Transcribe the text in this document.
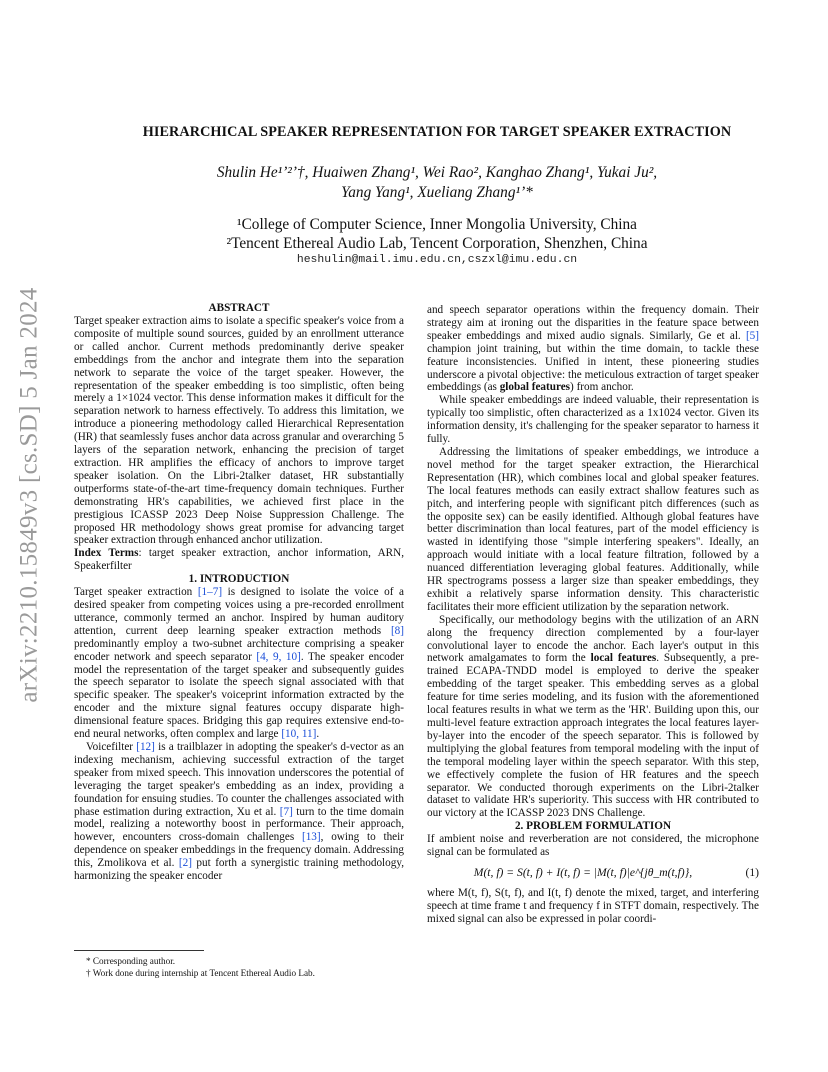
arXiv:2210.15849v3 [cs.SD] 5 Jan 2024
HIERARCHICAL SPEAKER REPRESENTATION FOR TARGET SPEAKER EXTRACTION
Shulin He¹ʼ²ʼ†, Huaiwen Zhang¹, Wei Rao², Kanghao Zhang¹, Yukai Ju²,
Yang Yang¹, Xueliang Zhang¹ʼ*
¹College of Computer Science, Inner Mongolia University, China
²Tencent Ethereal Audio Lab, Tencent Corporation, Shenzhen, China
heshulin@mail.imu.edu.cn,cszxl@imu.edu.cn
ABSTRACT

Target speaker extraction aims to isolate a specific speaker's voice from a composite of multiple sound sources, guided by an enrollment utterance or called anchor. Current methods predominantly derive speaker embeddings from the anchor and integrate them into the separation network to separate the voice of the target speaker. However, the representation of the speaker embedding is too simplistic, often being merely a 1×1024 vector. This dense information makes it difficult for the separation network to harness effectively. To address this limitation, we introduce a pioneering methodology called Hierarchical Representation (HR) that seamlessly fuses anchor data across granular and overarching 5 layers of the separation network, enhancing the precision of target extraction. HR amplifies the efficacy of anchors to improve target speaker isolation. On the Libri-2talker dataset, HR substantially outperforms state-of-the-art time-frequency domain techniques. Further demonstrating HR's capabilities, we achieved first place in the prestigious ICASSP 2023 Deep Noise Suppression Challenge. The proposed HR methodology shows great promise for advancing target speaker extraction through enhanced anchor utilization.

Index Terms: target speaker extraction, anchor information, ARN, Speakerfilter

1. INTRODUCTION

Target speaker extraction [1–7] is designed to isolate the voice of a desired speaker from competing voices using a pre-recorded enrollment utterance, commonly termed an anchor. Inspired by human auditory attention, current deep learning speaker extraction methods [8] predominantly employ a two-subnet architecture comprising a speaker encoder network and speech separator [4, 9, 10]. The speaker encoder model the representation of the target speaker and subsequently guides the speech separator to isolate the speech signal associated with that specific speaker. The speaker's voiceprint information extracted by the encoder and the mixture signal features occupy disparate high-dimensional feature spaces. Bridging this gap requires extensive end-to-end neural networks, often complex and large [10, 11].

Voicefilter [12] is a trailblazer in adopting the speaker's d-vector as an indexing mechanism, achieving successful extraction of the target speaker from mixed speech. This innovation underscores the potential of leveraging the target speaker's embedding as an index, providing a foundation for ensuing studies. To counter the challenges associated with phase estimation during extraction, Xu et al. [7] turn to the time domain model, realizing a noteworthy boost in performance. Their approach, however, encounters cross-domain challenges [13], owing to their dependence on speaker embeddings in the frequency domain. Addressing this, Zmolikova et al. [2] put forth a synergistic training methodology, harmonizing the speaker encoder

and speech separator operations within the frequency domain. Their strategy aim at ironing out the disparities in the feature space between speaker embeddings and mixed audio signals. Similarly, Ge et al. [5] champion joint training, but within the time domain, to tackle these feature inconsistencies. Unified in intent, these pioneering studies underscore a pivotal objective: the meticulous extraction of target speaker embeddings (as global features) from anchor.

While speaker embeddings are indeed valuable, their representation is typically too simplistic, often characterized as a 1x1024 vector. Given its information density, it's challenging for the speaker separator to harness it fully.

Addressing the limitations of speaker embeddings, we introduce a novel method for the target speaker extraction, the Hierarchical Representation (HR), which combines local and global speaker features. The local features methods can easily extract shallow features such as pitch, and interfering people with significant pitch differences (such as the opposite sex) can be easily identified. Although global features have better discrimination than local features, part of the model efficiency is wasted in identifying those "simple interfering speakers". Ideally, an approach would initiate with a local feature filtration, followed by a nuanced differentiation leveraging global features. Additionally, while HR spectrograms possess a larger size than speaker embeddings, they exhibit a relatively sparse information density. This characteristic facilitates their more efficient utilization by the separation network.

Specifically, our methodology begins with the utilization of an ARN along the frequency direction complemented by a four-layer convolutional layer to encode the anchor. Each layer's output in this network amalgamates to form the local features. Subsequently, a pre-trained ECAPA-TNDD model is employed to derive the speaker embedding of the target speaker. This embedding serves as a global feature for time series modeling, and its fusion with the aforementioned local features results in what we term as the 'HR'. Building upon this, our multi-level feature extraction approach integrates the local features layer-by-layer into the encoder of the speech separator. This is followed by multiplying the global features from temporal modeling with the input of the temporal modeling layer within the speech separator. With this step, we effectively complete the fusion of HR features and the speech separator. We conducted thorough experiments on the Libri-2talker dataset to validate HR's superiority. This success with HR contributed to our victory at the ICASSP 2023 DNS Challenge.

2. PROBLEM FORMULATION

If ambient noise and reverberation are not considered, the microphone signal can be formulated as

M(t, f) = S(t, f) + I(t, f) = |M(t, f)|e^{jθ_m(t,f)},	(1)

where M(t, f), S(t, f), and I(t, f) denote the mixed, target, and interfering speech at time frame t and frequency f in STFT domain, respectively. The mixed signal can also be expressed in polar coordi-

* Corresponding author.
† Work done during internship at Tencent Ethereal Audio Lab.
